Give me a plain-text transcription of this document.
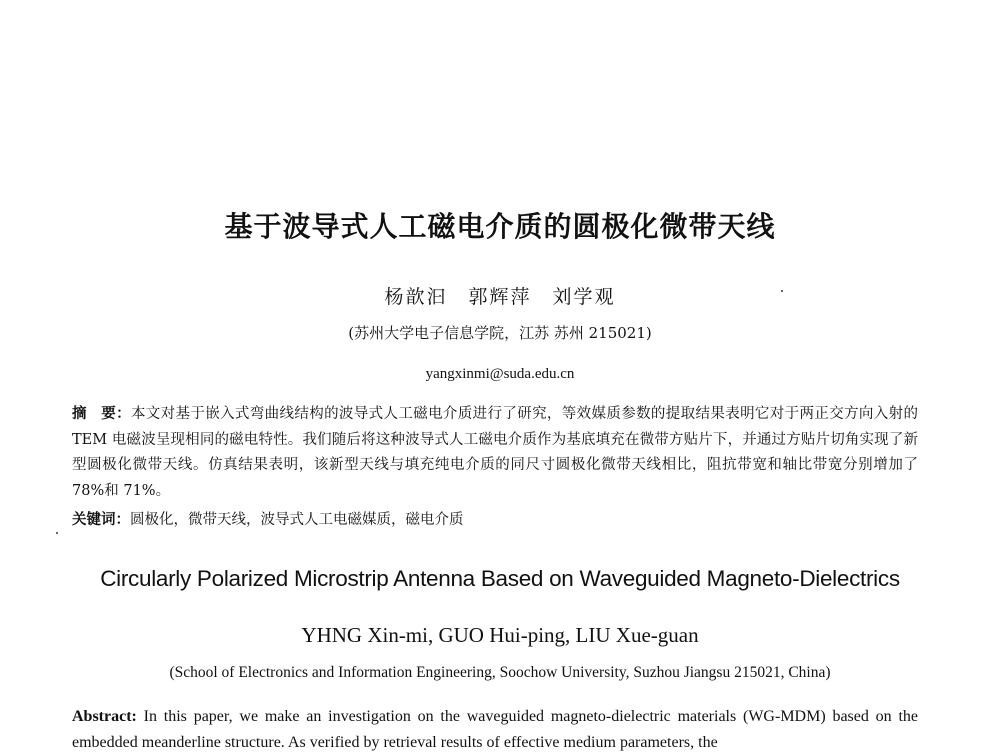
基于波导式人工磁电介质的圆极化微带天线
杨歆汩　郭辉萍　刘学观
(苏州大学电子信息学院，江苏 苏州 215021)
yangxinmi@suda.edu.cn
摘 要：本文对基于嵌入式弯曲线结构的波导式人工磁电介质进行了研究，等效媒质参数的提取结果表明它对于两正交方向入射的 TEM 电磁波呈现相同的磁电特性。我们随后将这种波导式人工磁电介质作为基底填充在微带方贴片下，并通过方贴片切角实现了新型圆极化微带天线。仿真结果表明，该新型天线与填充纯电介质的同尺寸圆极化微带天线相比，阻抗带宽和轴比带宽分别增加了 78%和 71%。
关键词：圆极化，微带天线，波导式人工电磁媒质，磁电介质
Circularly Polarized Microstrip Antenna Based on Waveguided Magneto-Dielectrics
YHNG Xin-mi, GUO Hui-ping, LIU Xue-guan
(School of Electronics and Information Engineering, Soochow University, Suzhou Jiangsu 215021, China)
Abstract: In this paper, we make an investigation on the waveguided magneto-dielectric materials (WG-MDM) based on the embedded meanderline structure. As verified by retrieval results of effective medium parameters, the
